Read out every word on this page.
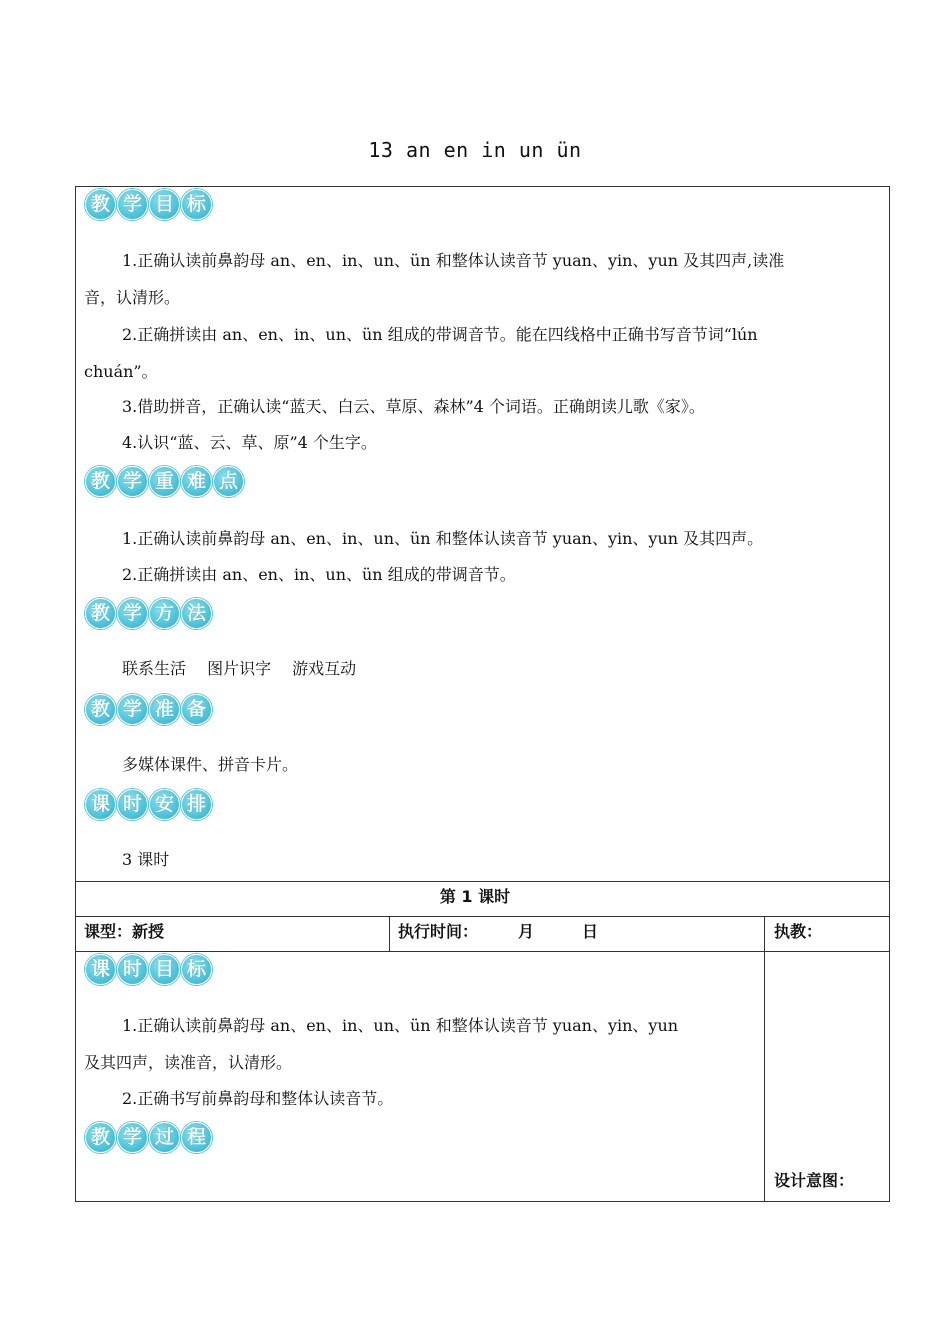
13 an en in un ün
教 学 目 标
1.正确认读前鼻韵母 an、en、in、un、ün 和整体认读音节 yuan、yin、yun 及其四声,读准
音，认清形。
2.正确拼读由 an、en、in、un、ün 组成的带调音节。能在四线格中正确书写音节词“lún
chuán”。
3.借助拼音，正确认读“蓝天、白云、草原、森林”4 个词语。正确朗读儿歌《家》。
4.认识“蓝、云、草、原”4 个生字。
教 学 重 难 点
1.正确认读前鼻韵母 an、en、in、un、ün 和整体认读音节 yuan、yin、yun 及其四声。
2.正确拼读由 an、en、in、un、ün 组成的带调音节。
教 学 方 法
联系生活　 图片识字　 游戏互动
教 学 准 备
多媒体课件、拼音卡片。
课 时 安 排
3 课时
第 1 课时
课型：新授	执行时间：　　　月　　　日	执教：
课 时 目 标
1.正确认读前鼻韵母 an、en、in、un、ün 和整体认读音节 yuan、yin、yun
及其四声，读准音，认清形。
2.正确书写前鼻韵母和整体认读音节。
教 学 过 程
设计意图：
